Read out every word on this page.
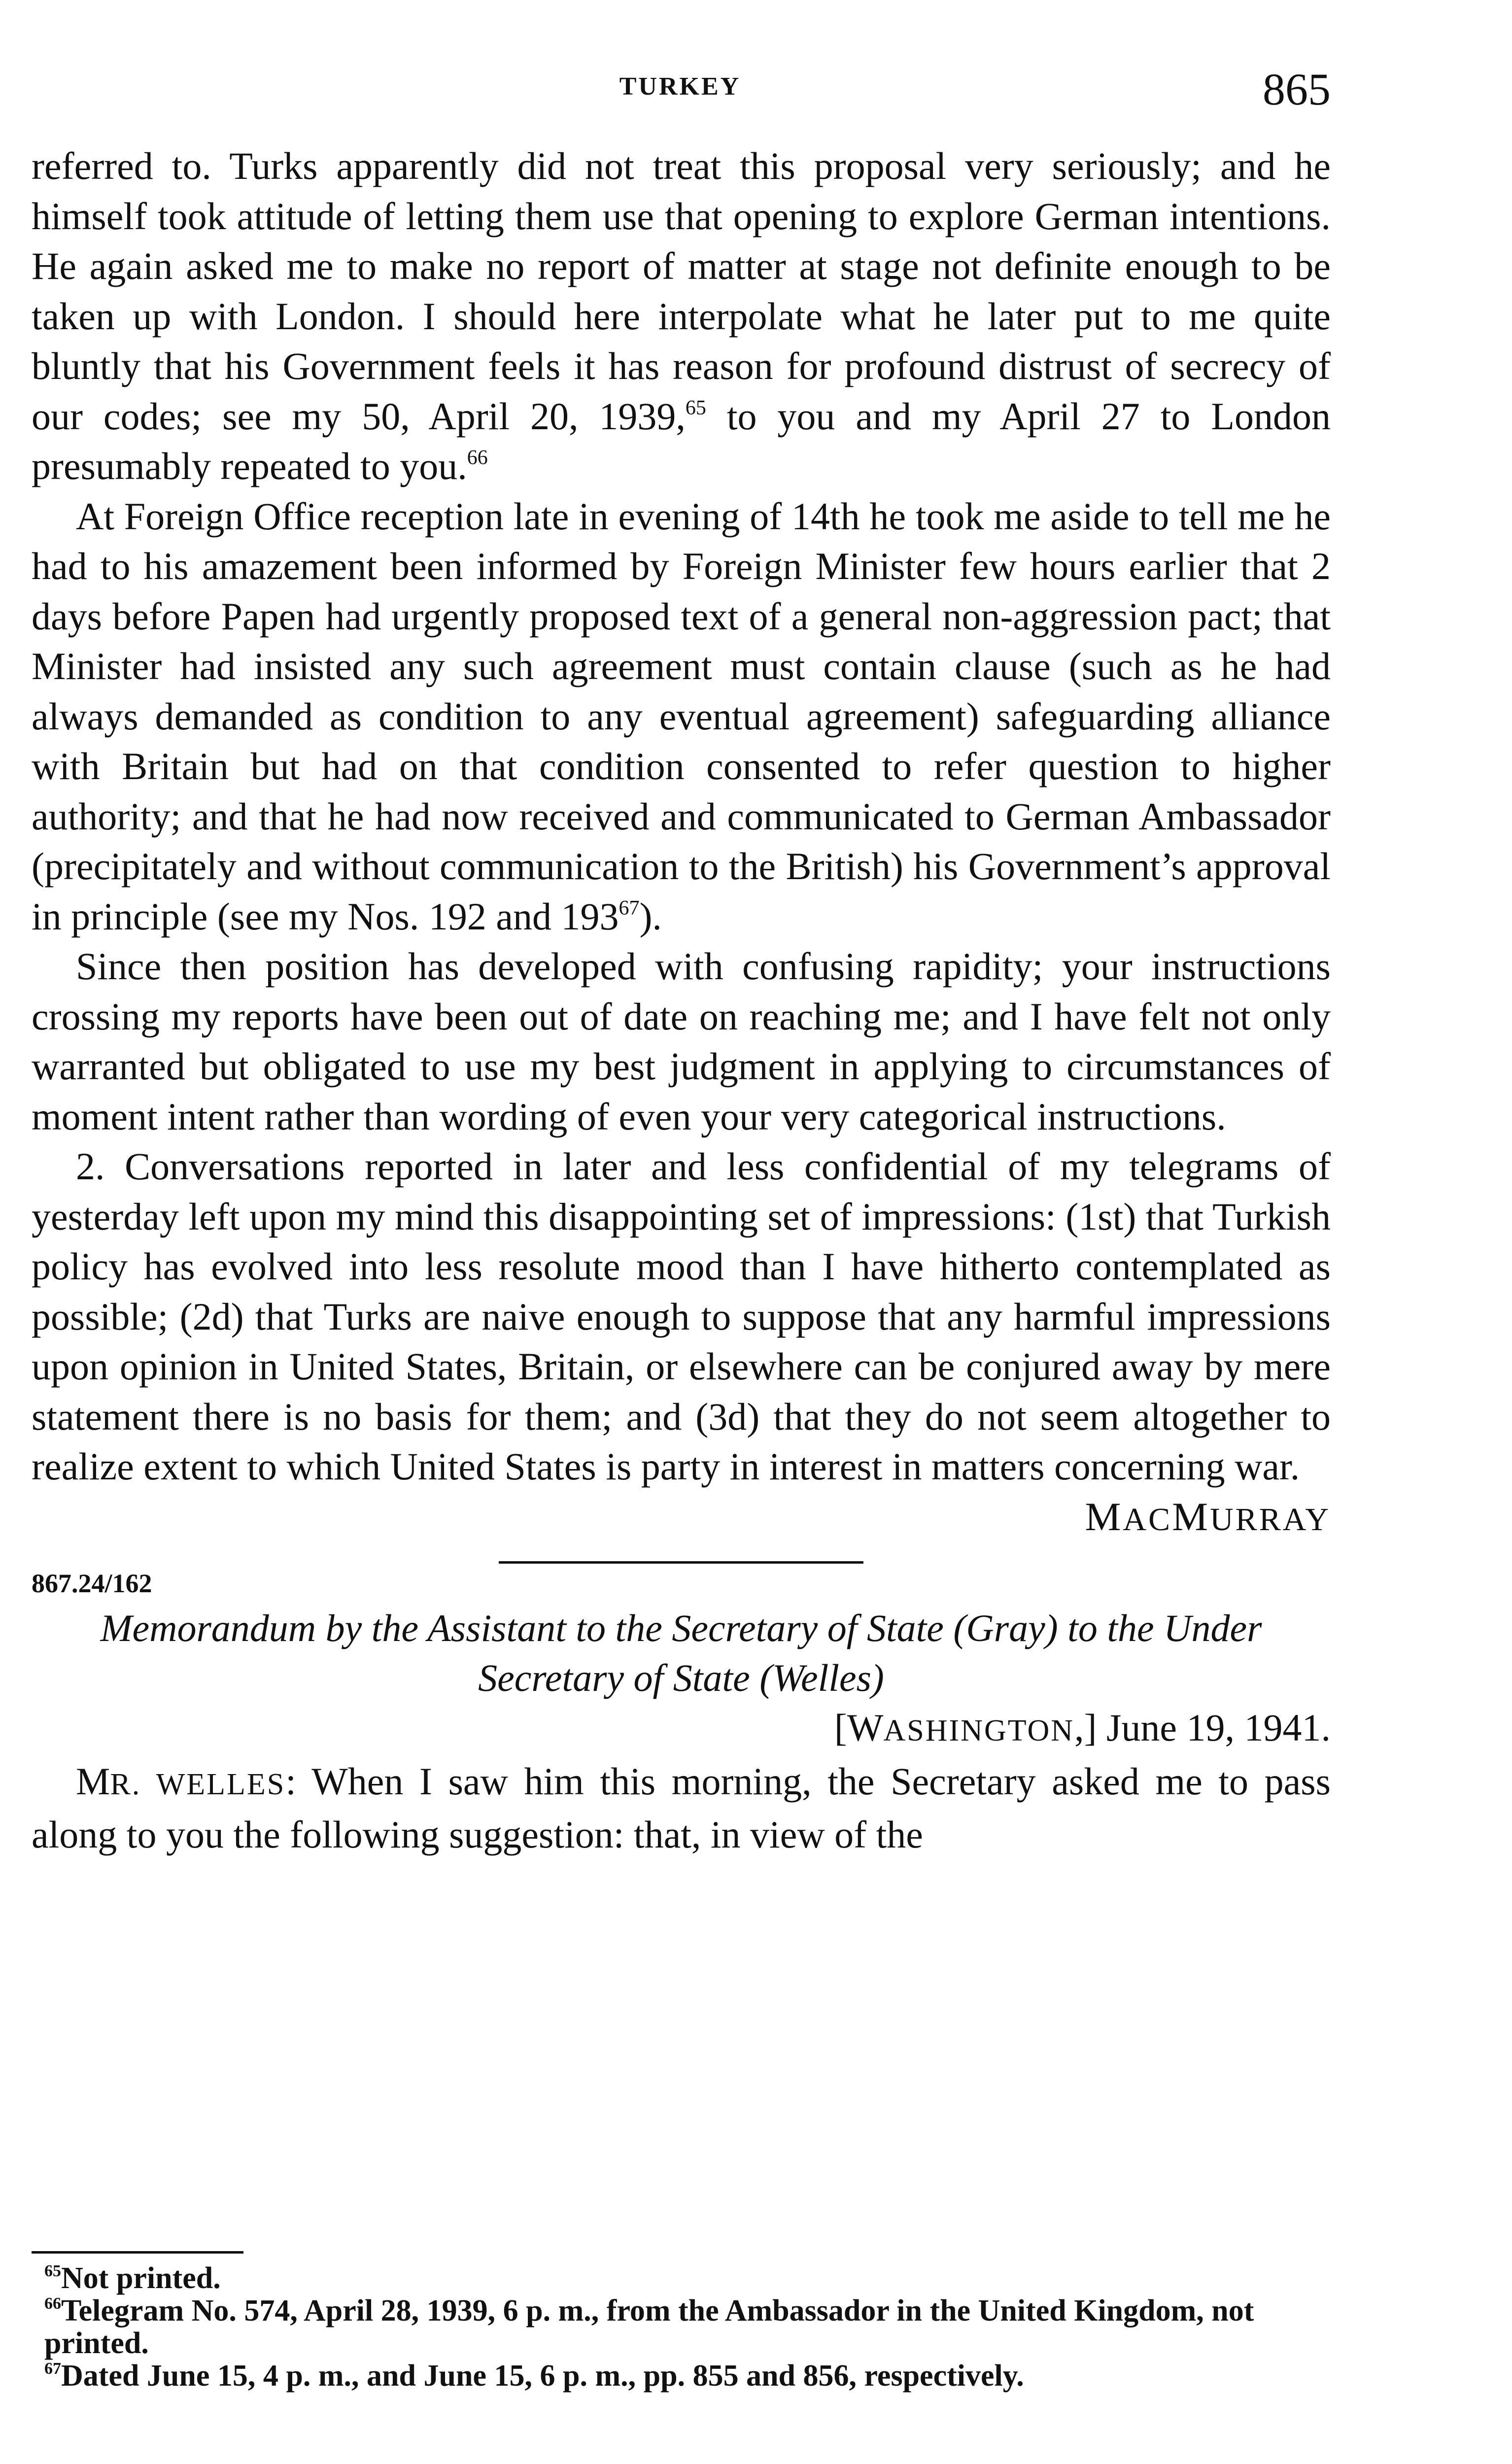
TURKEY	865

referred to. Turks apparently did not treat this proposal very seriously; and he himself took attitude of letting them use that opening to explore German intentions. He again asked me to make no report of matter at stage not definite enough to be taken up with London. I should here interpolate what he later put to me quite bluntly that his Government feels it has reason for profound distrust of secrecy of our codes; see my 50, April 20, 1939,65 to you and my April 27 to London presumably repeated to you.$^{66}$

At Foreign Office reception late in evening of 14th he took me aside to tell me he had to his amazement been informed by Foreign Minister few hours earlier that 2 days before Papen had urgently proposed text of a general non-aggression pact; that Minister had insisted any such agreement must contain clause (such as he had always demanded as condition to any eventual agreement) safeguarding alliance with Britain but had on that condition consented to refer question to higher authority; and that he had now received and communicated to German Ambassador (precipitately and without communication to the British) his Government’s approval in principle (see my Nos. 192 and 193$^{67}$).

Since then position has developed with confusing rapidity; your instructions crossing my reports have been out of date on reaching me; and I have felt not only warranted but obligated to use my best judgment in applying to circumstances of moment intent rather than wording of even your very categorical instructions.

2. Conversations reported in later and less confidential of my telegrams of yesterday left upon my mind this disappointing set of impressions: (1st) that Turkish policy has evolved into less resolute mood than I have hitherto contemplated as possible; (2d) that Turks are naive enough to suppose that any harmful impressions upon opinion in United States, Britain, or elsewhere can be conjured away by mere statement there is no basis for them; and (3d) that they do not seem altogether to realize extent to which United States is party in interest in matters concerning war.

MACMURRAY

867.24/162

Memorandum by the Assistant to the Secretary of State (Gray) to the Under Secretary of State (Welles)

[WASHINGTON,] June 19, 1941.

MR. WELLES: When I saw him this morning, the Secretary asked me to pass along to you the following suggestion: that, in view of the

$^{65}$Not printed.

$^{66}$Telegram No. 574, April 28, 1939, 6 p. m., from the Ambassador in the United Kingdom, not printed.

$^{67}$Dated June 15, 4 p. m., and June 15, 6 p. m., pp. 855 and 856, respectively.
